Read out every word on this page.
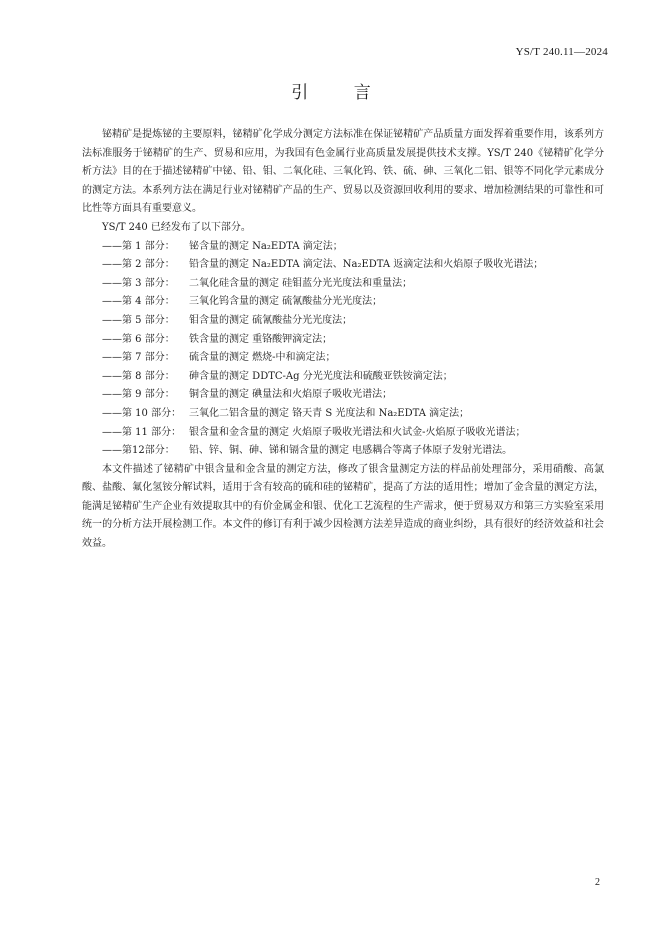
YS/T 240.11—2024
引 言

铋精矿是提炼铋的主要原料，铋精矿化学成分测定方法标准在保证铋精矿产品质量方面发挥着重要作用，该系列方法标准服务于铋精矿的生产、贸易和应用，为我国有色金属行业高质量发展提供技术支撑。YS/T 240《铋精矿化学分析方法》目的在于描述铋精矿中铋、铅、钼、二氧化硅、三氧化钨、铁、硫、砷、三氧化二铝、银等不同化学元素成分的测定方法。本系列方法在满足行业对铋精矿产品的生产、贸易以及资源回收利用的要求、增加检测结果的可靠性和可比性等方面具有重要意义。

YS/T 240 已经发布了以下部分。

——第 1 部分： 铋含量的测定 Na₂EDTA 滴定法；

——第 2 部分： 铅含量的测定 Na₂EDTA 滴定法、Na₂EDTA 返滴定法和火焰原子吸收光谱法；

——第 3 部分： 二氧化硅含量的测定 硅钼蓝分光光度法和重量法；

——第 4 部分： 三氧化钨含量的测定 硫氰酸盐分光光度法；

——第 5 部分： 钼含量的测定 硫氰酸盐分光光度法；

——第 6 部分： 铁含量的测定 重铬酸钾滴定法；

——第 7 部分： 硫含量的测定 燃烧-中和滴定法；

——第 8 部分： 砷含量的测定 DDTC-Ag 分光光度法和硫酸亚铁铵滴定法；

——第 9 部分： 铜含量的测定 碘量法和火焰原子吸收光谱法；

——第 10 部分： 三氧化二铝含量的测定 铬天青 S 光度法和 Na₂EDTA 滴定法；

——第 11 部分： 银含量和金含量的测定 火焰原子吸收光谱法和火试金-火焰原子吸收光谱法；

——第12部分： 铅、锌、铜、砷、锑和镉含量的测定 电感耦合等离子体原子发射光谱法。

本文件描述了铋精矿中银含量和金含量的测定方法，修改了银含量测定方法的样品前处理部分，采用硝酸、高氯酸、盐酸、氟化氢铵分解试料，适用于含有较高的硫和硅的铋精矿，提高了方法的适用性；增加了金含量的测定方法，能满足铋精矿生产企业有效提取其中的有价金属金和银、优化工艺流程的生产需求，便于贸易双方和第三方实验室采用统一的分析方法开展检测工作。本文件的修订有利于减少因检测方法差异造成的商业纠纷，具有很好的经济效益和社会效益。

2
